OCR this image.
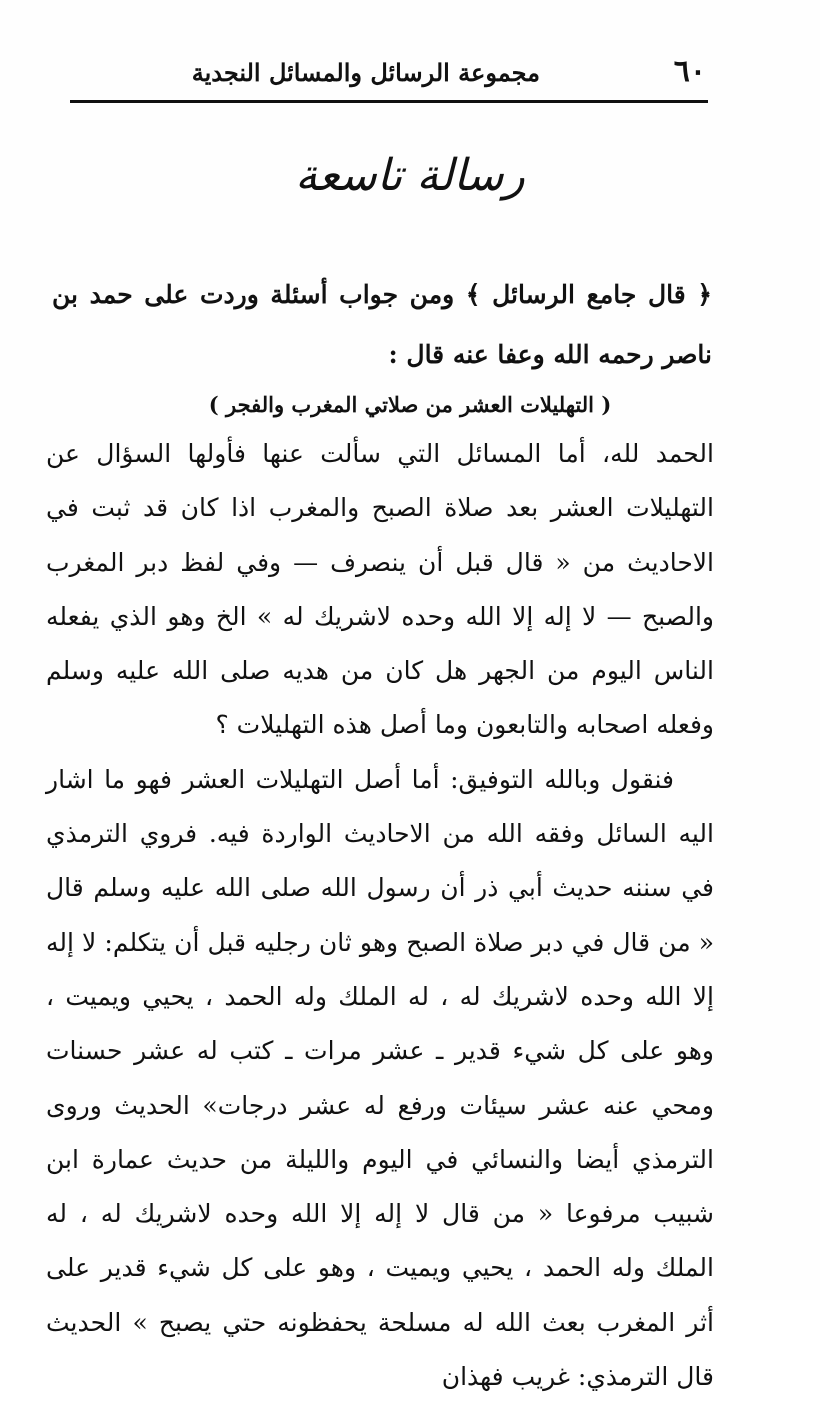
٦٠
مجموعة الرسائل والمسائل النجدية
رسالة تاسعة
﴿ قال جامع الرسائل ﴾ ومن جواب أسئلة وردت على حمد بن ناصر رحمه الله وعفا عنه قال :
( التهليلات العشر من صلاتي المغرب والفجر )

الحمد لله، أما المسائل التي سألت عنها فأولها السؤال عن التهليلات العشر بعد صلاة الصبح والمغرب اذا كان قد ثبت في الاحاديث من « قال قبل أن ينصرف — وفي لفظ دبر المغرب والصبح — لا إله إلا الله وحده لاشريك له » الخ وهو الذي يفعله الناس اليوم من الجهر هل كان من هديه صلى الله عليه وسلم وفعله اصحابه والتابعون وما أصل هذه التهليلات ؟

فنقول وبالله التوفيق: أما أصل التهليلات العشر فهو ما اشار اليه السائل وفقه الله من الاحاديث الواردة فيه. فروي الترمذي في سننه حديث أبي ذر أن رسول الله صلى الله عليه وسلم قال « من قال في دبر صلاة الصبح وهو ثان رجليه قبل أن يتكلم: لا إله إلا الله وحده لاشريك له ، له الملك وله الحمد ، يحيي ويميت ، وهو على كل شيء قدير ـ عشر مرات ـ كتب له عشر حسنات ومحي عنه عشر سيئات ورفع له عشر درجات» الحديث وروى الترمذي أيضا والنسائي في اليوم والليلة من حديث عمارة ابن شبيب مرفوعا « من قال لا إله إلا الله وحده لاشريك له ، له الملك وله الحمد ، يحيي ويميت ، وهو على كل شيء قدير على أثر المغرب بعث الله له مسلحة يحفظونه حتي يصبح » الحديث قال الترمذي: غريب فهذان
